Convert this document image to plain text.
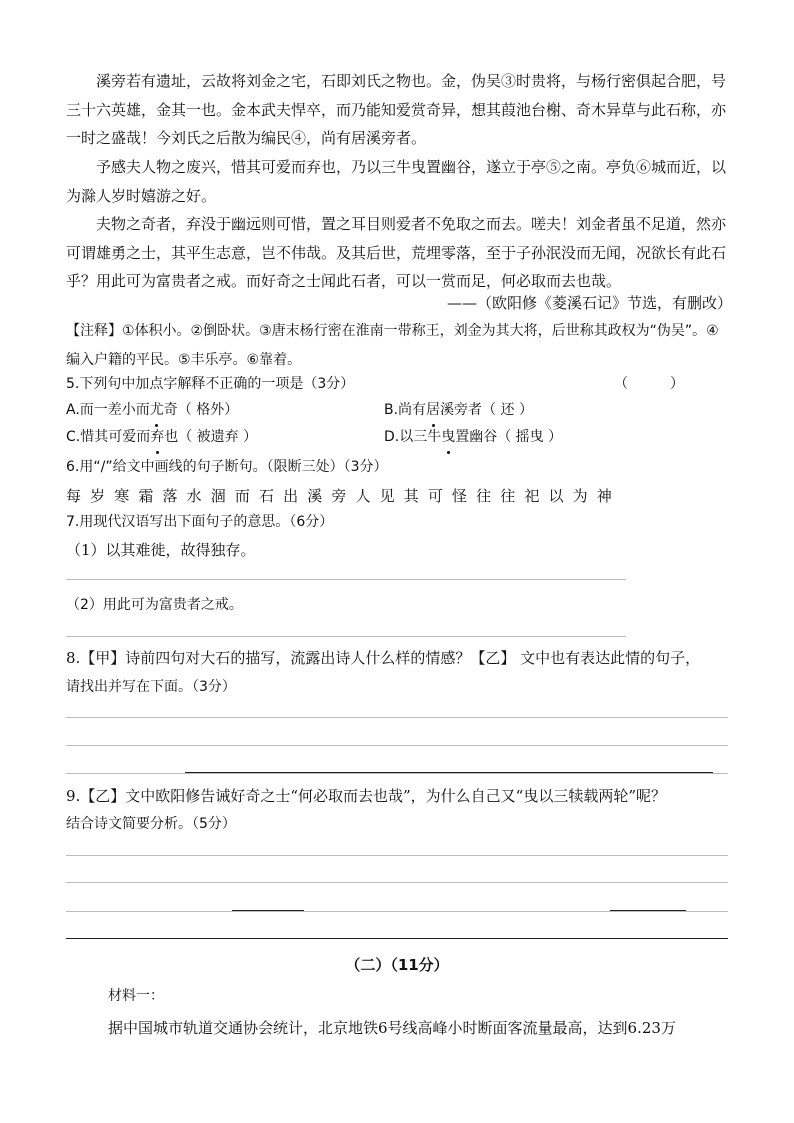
溪旁若有遗址，云故将刘金之宅，石即刘氏之物也。金，伪吴③时贵将，与杨行密俱起合肥，号三十六英雄，金其一也。金本武夫悍卒，而乃能知爱赏奇异，想其葭池台榭、奇木异草与此石称，亦一时之盛哉！今刘氏之后散为编民④，尚有居溪旁者。

予感夫人物之废兴，惜其可爱而弃也，乃以三牛曳置幽谷，遂立于亭⑤之南。亭负⑥城而近，以为滁人岁时嬉游之好。

夫物之奇者，弃没于幽远则可惜，置之耳目则爱者不免取之而去。嗟夫！刘金者虽不足道，然亦可谓雄勇之士，其平生志意，岂不伟哉。及其后世，荒埋零落，至于子孙泯没而无闻，况欲长有此石乎？用此可为富贵者之戒。而好奇之士闻此石者，可以一赏而足，何必取而去也哉。

——（欧阳修《菱溪石记》节选，有删改）

【注释】①体积小。②倒卧状。③唐末杨行密在淮南一带称王，刘金为其大将，后世称其政权为“伪吴”。④编入户籍的平民。⑤丰乐亭。⑥靠着。

5.下列句中加点字解释不正确的一项是（3分）	（　　　）
A.而一差小而尤奇（ 格外）	B.尚有居溪旁者（ 还 ）
C.惜其可爱而弃也（ 被遗弃 ）	D.以三牛曳置幽谷（ 摇曳 ）

6.用“/”给文中画线的句子断句。（限断三处）（3分）

每 岁 寒 霜 落 水 涸 而 石 出 溪 旁 人 见 其 可 怪 往 往 祀 以 为 神

7.用现代汉语写出下面句子的意思。（6分）

（1）以其难徙，故得独存。

（2）用此可为富贵者之戒。

8.【甲】诗前四句对大石的描写，流露出诗人什么样的情感？【乙】 文中也有表达此情的句子，

请找出并写在下面。（3分）

9.【乙】文中欧阳修告诫好奇之士“何必取而去也哉”，为什么自己又“曳以三犊载两轮”呢？

结合诗文简要分析。（5分）

（二）（11分）

材料一：

据中国城市轨道交通协会统计，北京地铁6号线高峰小时断面客流量最高，达到6.23万
